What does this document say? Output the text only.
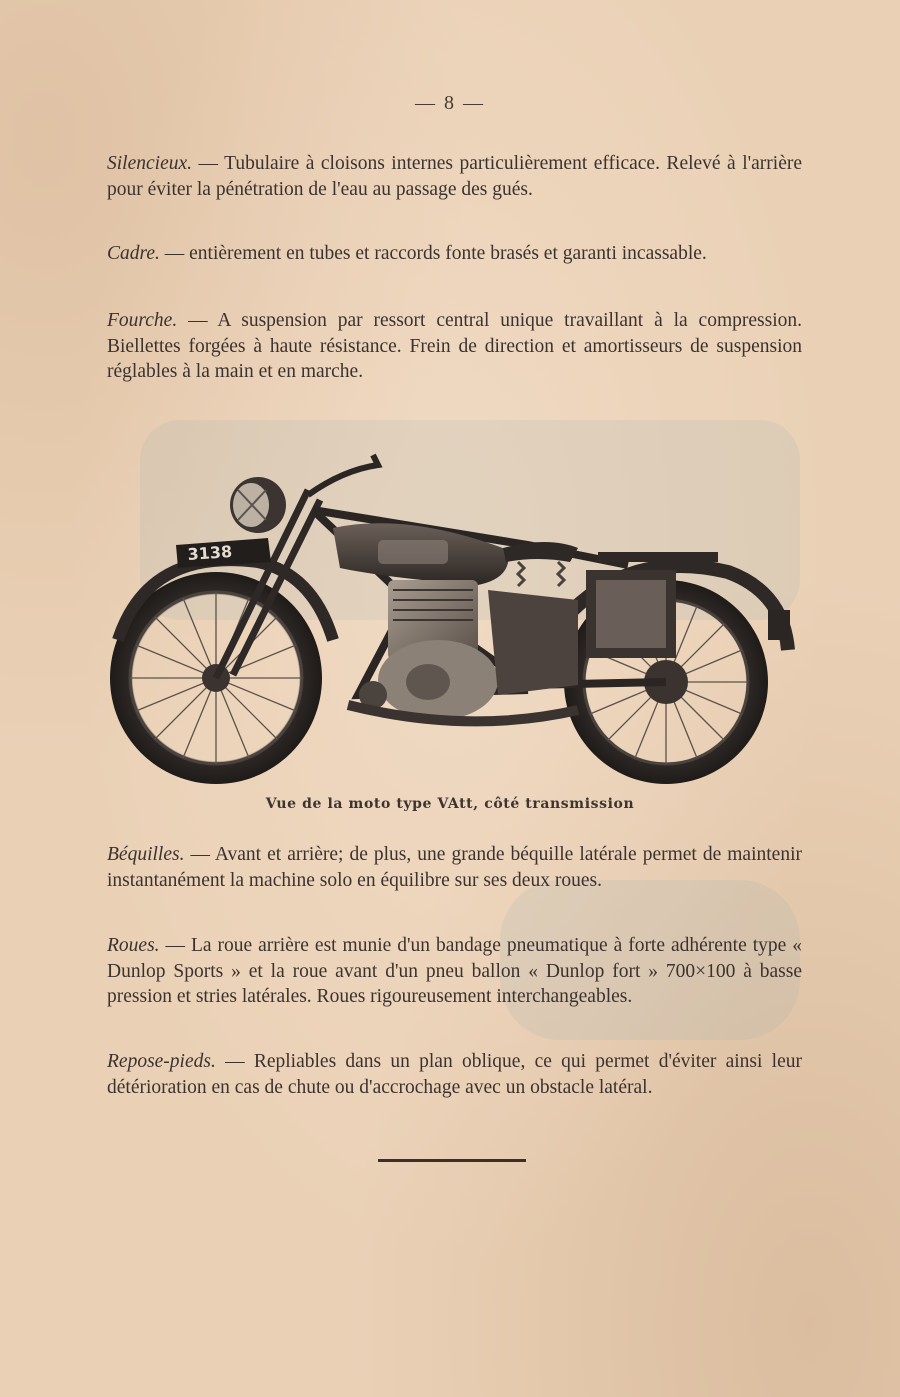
— 8 —

Silencieux. — Tubulaire à cloisons internes particulièrement efficace. Relevé à l'arrière pour éviter la pénétration de l'eau au passage des gués.

Cadre. — entièrement en tubes et raccords fonte brasés et garanti incassable.

Fourche. — A suspension par ressort central unique travaillant à la compression. Biellettes forgées à haute résistance. Frein de direction et amortisseurs de suspension réglables à la main et en marche.

3138
Vue de la moto type VAtt, côté transmission

Béquilles. — Avant et arrière; de plus, une grande béquille latérale permet de maintenir instantanément la machine solo en équilibre sur ses deux roues.

Roues. — La roue arrière est munie d'un bandage pneumatique à forte adhérente type « Dunlop Sports » et la roue avant d'un pneu ballon « Dunlop fort » 700×100 à basse pression et stries latérales. Roues rigoureusement interchangeables.

Repose-pieds. — Repliables dans un plan oblique, ce qui permet d'éviter ainsi leur détérioration en cas de chute ou d'accrochage avec un obstacle latéral.
